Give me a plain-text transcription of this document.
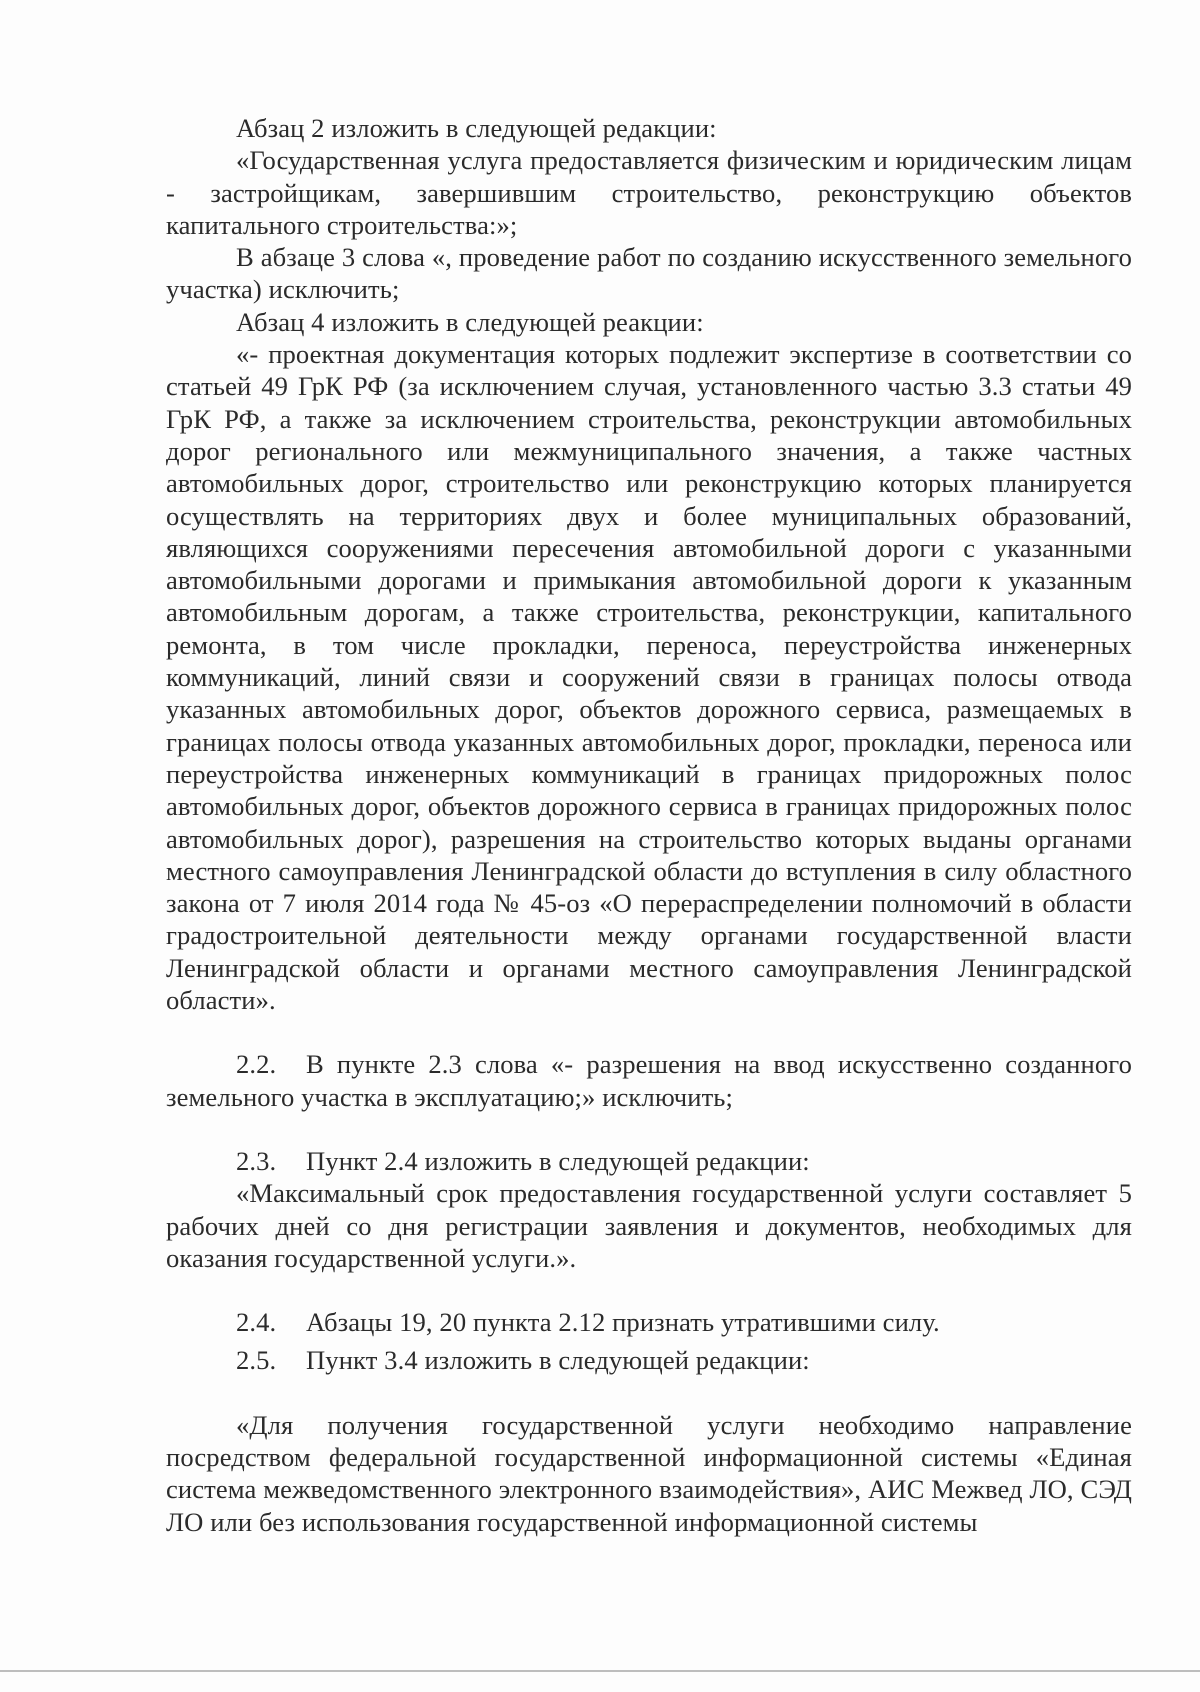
Абзац 2 изложить в следующей редакции:

«Государственная услуга предоставляется физическим и юридическим лицам - застройщикам, завершившим строительство, реконструкцию объектов капитального строительства:»;

В абзаце 3 слова «, проведение работ по созданию искусственного земельного участка) исключить;

Абзац 4 изложить в следующей реакции:

«- проектная документация которых подлежит экспертизе в соответствии со статьей 49 ГрК РФ (за исключением случая, установленного частью 3.3 статьи 49 ГрК РФ, а также за исключением строительства, реконструкции автомобильных дорог регионального или межмуниципального значения, а также частных автомобильных дорог, строительство или реконструкцию которых планируется осуществлять на территориях двух и более муниципальных образований, являющихся сооружениями пересечения автомобильной дороги с указанными автомобильными дорогами и примыкания автомобильной дороги к указанным автомобильным дорогам, а также строительства, реконструкции, капитального ремонта, в том числе прокладки, переноса, переустройства инженерных коммуникаций, линий связи и сооружений связи в границах полосы отвода указанных автомобильных дорог, объектов дорожного сервиса, размещаемых в границах полосы отвода указанных автомобильных дорог, прокладки, переноса или переустройства инженерных коммуникаций в границах придорожных полос автомобильных дорог, объектов дорожного сервиса в границах придорожных полос автомобильных дорог), разрешения на строительство которых выданы органами местного самоуправления Ленинградской области до вступления в силу областного закона от 7 июля 2014 года № 45-оз «О перераспределении полномочий в области градостроительной деятельности между органами государственной власти Ленинградской области и органами местного самоуправления Ленинградской области».

2.2. В пункте 2.3 слова «- разрешения на ввод искусственно созданного земельного участка в эксплуатацию;» исключить;

2.3. Пункт 2.4 изложить в следующей редакции:

«Максимальный срок предоставления государственной услуги составляет 5 рабочих дней со дня регистрации заявления и документов, необходимых для оказания государственной услуги.».

2.4. Абзацы 19, 20 пункта 2.12 признать утратившими силу.

2.5. Пункт 3.4 изложить в следующей редакции:

«Для получения государственной услуги необходимо направление посредством федеральной государственной информационной системы «Единая система межведомственного электронного взаимодействия», АИС Межвед ЛО, СЭД ЛО или без использования государственной информационной системы
